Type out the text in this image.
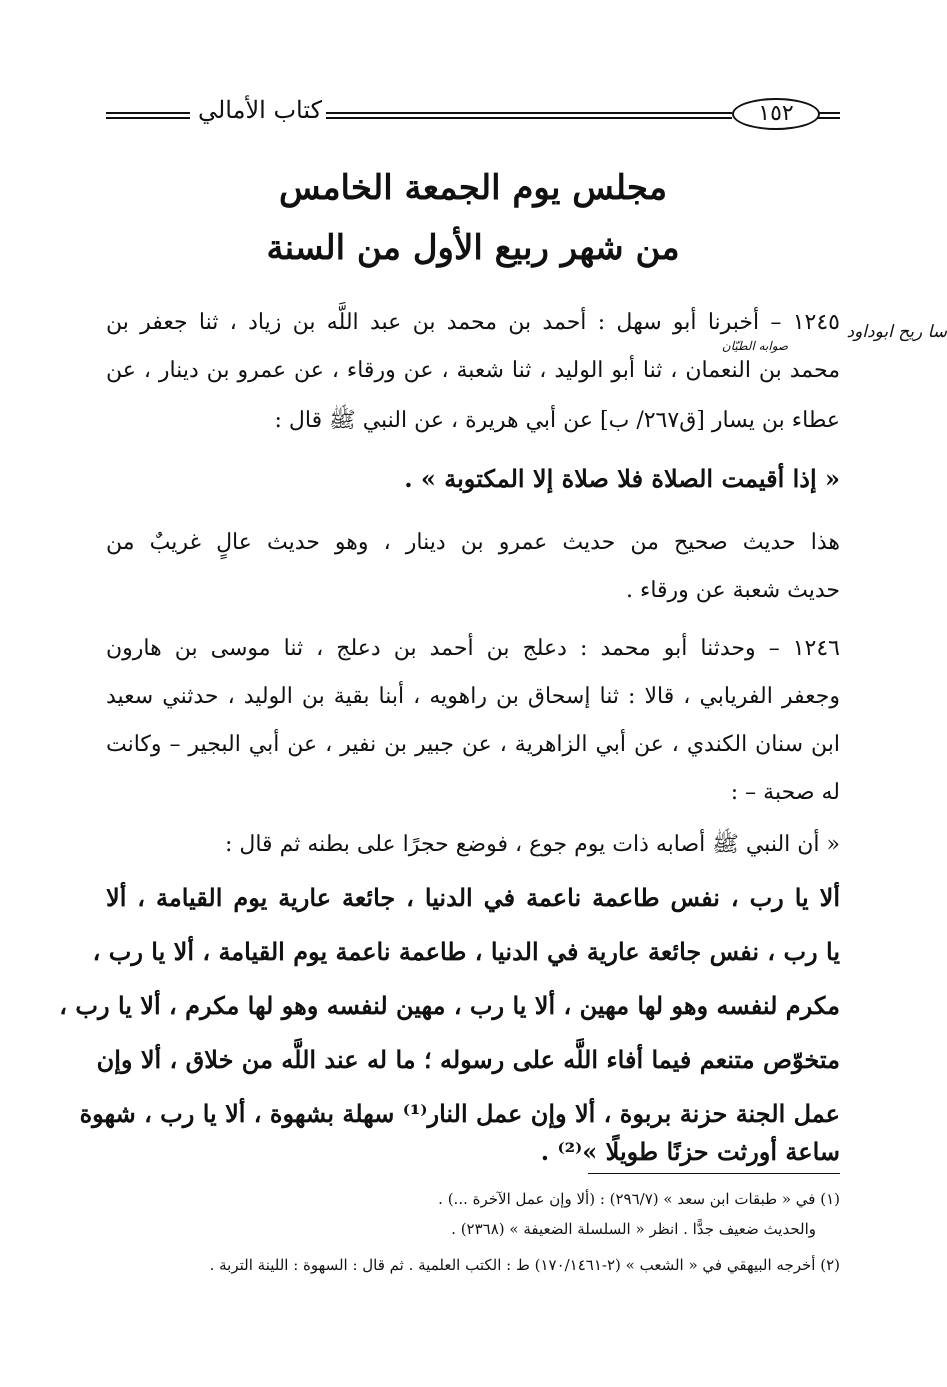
كتاب الأمالي	١٥٢
مجلس يوم الجمعة الخامس
من شهر ربيع الأول من السنة
سا ريح ابوداود
صوابه الطيّان
١٢٤٥ – أخبرنا أبو سهل : أحمد بن محمد بن عبد اللَّه بن زياد ، ثنا جعفر بن
محمد بن النعمان ، ثنا أبو الوليد ، ثنا شعبة ، عن ورقاء ، عن عمرو بن دينار ، عن
عطاء بن يسار [ق٢٦٧/ ب] عن أبي هريرة ، عن النبي ﷺ قال :
« إذا أقيمت الصلاة فلا صلاة إلا المكتوبة » .
هذا حديث صحيح من حديث عمرو بن دينار ، وهو حديث عالٍ غريبٌ من
حديث شعبة عن ورقاء .
١٢٤٦ – وحدثنا أبو محمد : دعلج بن أحمد بن دعلج ، ثنا موسى بن هارون
وجعفر الفريابي ، قالا : ثنا إسحاق بن راهويه ، أبنا بقية بن الوليد ، حدثني سعيد
ابن سنان الكندي ، عن أبي الزاهرية ، عن جبير بن نفير ، عن أبي البجير – وكانت
له صحبة – :
« أن النبي ﷺ أصابه ذات يوم جوع ، فوضع حجرًا على بطنه ثم قال :
ألا يا رب ، نفس طاعمة ناعمة في الدنيا ، جائعة عارية يوم القيامة ، ألا
يا رب ، نفس جائعة عارية في الدنيا ، طاعمة ناعمة يوم القيامة ، ألا يا رب ،
مكرم لنفسه وهو لها مهين ، ألا يا رب ، مهين لنفسه وهو لها مكرم ، ألا يا رب ،
متخوّص متنعم فيما أفاء اللَّه على رسوله ؛ ما له عند اللَّه من خلاق ، ألا وإن
عمل الجنة حزنة بربوة ، ألا وإن عمل النار⁽¹⁾ سهلة بشهوة ، ألا يا رب ، شهوة
ساعة أورثت حزنًا طويلًا »⁽²⁾ .
(١) في « طبقات ابن سعد » (٢٩٦/٧) : (ألا وإن عمل الآخرة ...) .
والحديث ضعيف جدًّا . انظر « السلسلة الضعيفة » (٢٣٦٨) .
(٢) أخرجه البيهقي في « الشعب » (٢-١٧٠/١٤٦١) ط : الكتب العلمية . ثم قال : السهوة : اللينة التربة .
